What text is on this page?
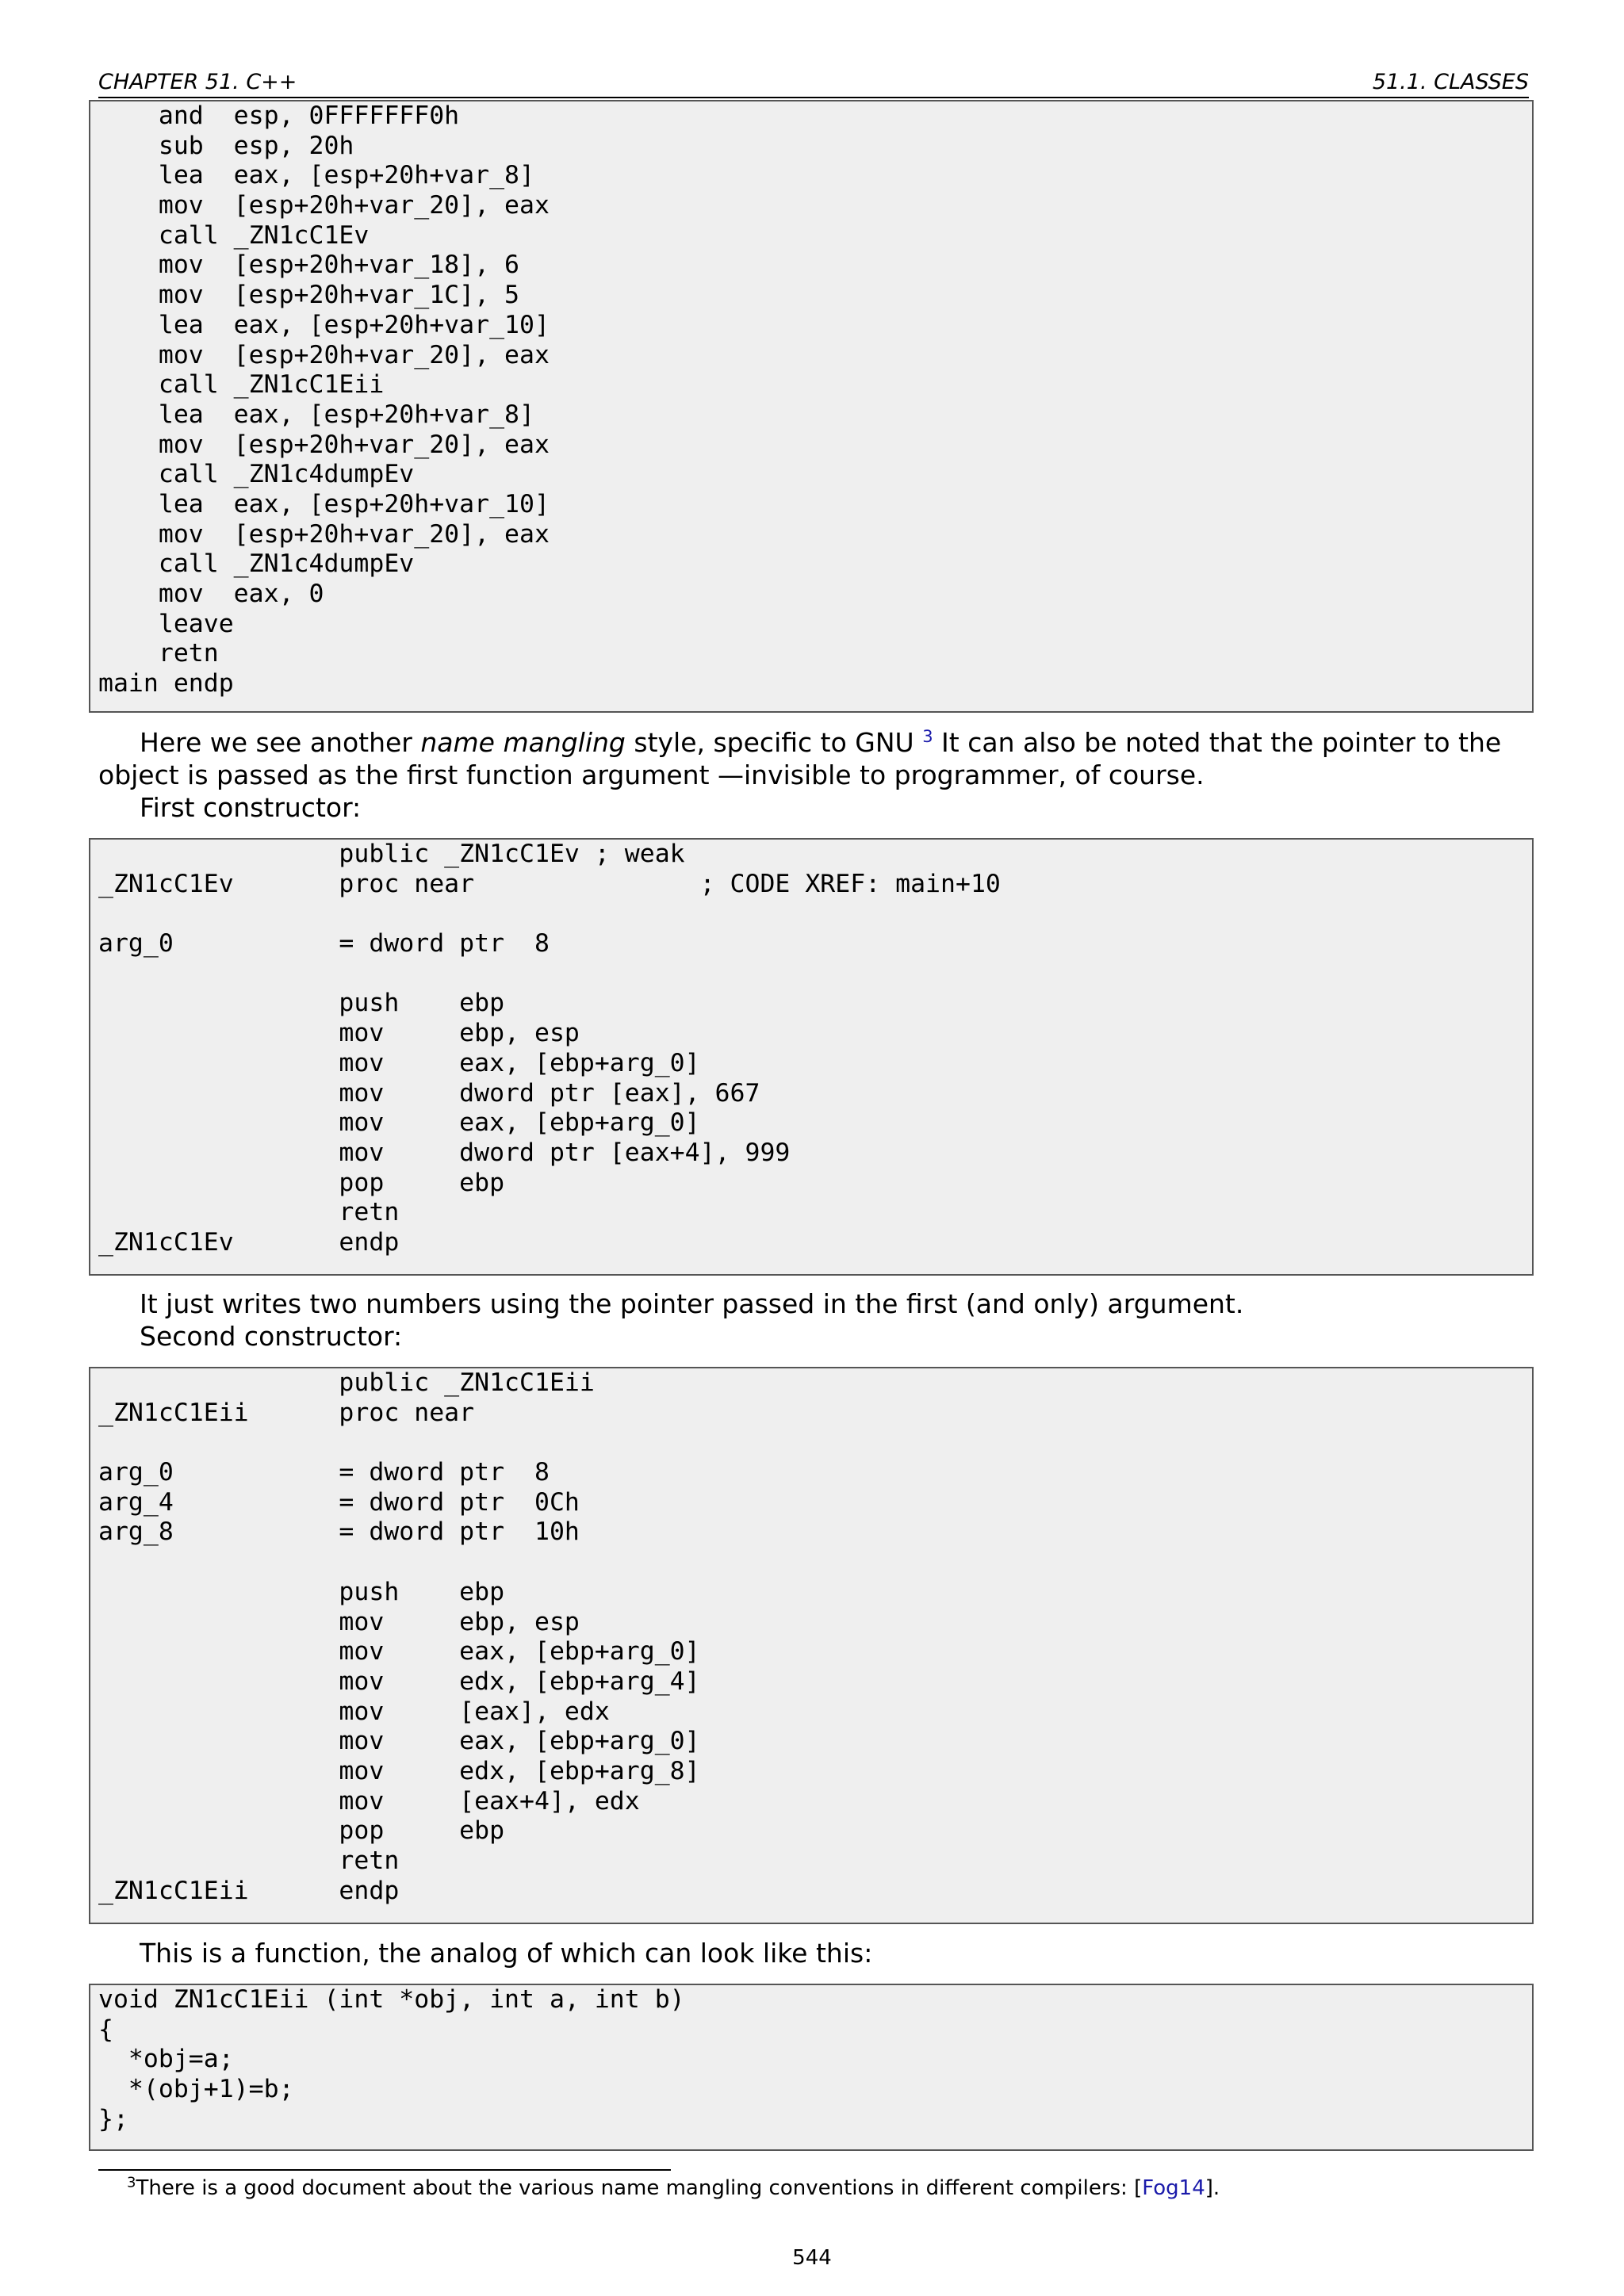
CHAPTER 51. C++	51.1. CLASSES
and  esp, 0FFFFFFF0h
sub  esp, 20h
lea  eax, [esp+20h+var_8]
mov  [esp+20h+var_20], eax
call _ZN1cC1Ev
mov  [esp+20h+var_18], 6
mov  [esp+20h+var_1C], 5
lea  eax, [esp+20h+var_10]
mov  [esp+20h+var_20], eax
call _ZN1cC1Eii
lea  eax, [esp+20h+var_8]
mov  [esp+20h+var_20], eax
call _ZN1c4dumpEv
lea  eax, [esp+20h+var_10]
mov  [esp+20h+var_20], eax
call _ZN1c4dumpEv
mov  eax, 0
leave
retn
main endp
Here we see another name mangling style, specific to GNU $^3$ It can also be noted that the pointer to the object is passed as the first function argument —invisible to programmer, of course.
First constructor:
public _ZN1cC1Ev ; weak
_ZN1cC1Ev       proc near               ; CODE XREF: main+10
arg_0           = dword ptr  8
push    ebp
mov     ebp, esp
mov     eax, [ebp+arg_0]
mov     dword ptr [eax], 667
mov     eax, [ebp+arg_0]
mov     dword ptr [eax+4], 999
pop     ebp
retn
_ZN1cC1Ev       endp
It just writes two numbers using the pointer passed in the first (and only) argument.
Second constructor:
public _ZN1cC1Eii
_ZN1cC1Eii      proc near
arg_0           = dword ptr  8
arg_4           = dword ptr  0Ch
arg_8           = dword ptr  10h
push    ebp
mov     ebp, esp
mov     eax, [ebp+arg_0]
mov     edx, [ebp+arg_4]
mov     [eax], edx
mov     eax, [ebp+arg_0]
mov     edx, [ebp+arg_8]
mov     [eax+4], edx
pop     ebp
retn
_ZN1cC1Eii      endp
This is a function, the analog of which can look like this:
void ZN1cC1Eii (int *obj, int a, int b)
{
*obj=a;
*(obj+1)=b;
};
$^3$There is a good document about the various name mangling conventions in different compilers: [Fog14].
544
